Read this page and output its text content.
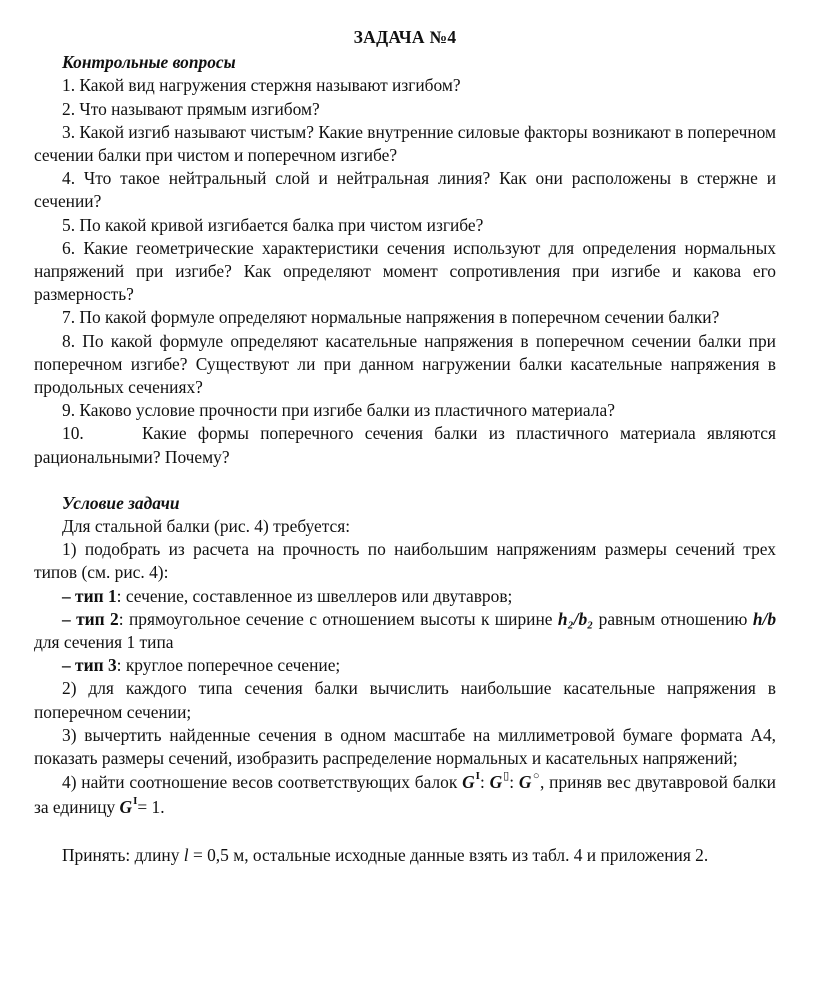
ЗАДАЧА №4
Контрольные вопросы

1. Какой вид нагружения стержня называют изгибом?

2. Что называют прямым изгибом?

3. Какой изгиб называют чистым? Какие внутренние силовые факторы возникают в поперечном сечении балки при чистом и поперечном изгибе?

4. Что такое нейтральный слой и нейтральная линия? Как они расположены в стержне и сечении?

5. По какой кривой изгибается балка при чистом изгибе?

6. Какие геометрические характеристики сечения используют для определения нормальных напряжений при изгибе? Как определяют момент сопротивления при изгибе и какова его размерность?

7. По какой формуле определяют нормальные напряжения в поперечном сечении балки?

8. По какой формуле определяют касательные напряжения в поперечном сечении балки при поперечном изгибе? Существуют ли при данном нагружении балки касательные напряжения в продольных сечениях?

9. Каково условие прочности при изгибе балки из пластичного материала?

10.	Какие формы поперечного сечения балки из пластичного материала являются рациональными? Почему?

Условие задачи

Для стальной балки (рис. 4) требуется:

1) подобрать из расчета на прочность по наибольшим напряжениям размеры сечений трех типов (см. рис. 4):

– тип 1: сечение, составленное из швеллеров или двутавров;

– тип 2: прямоугольное сечение с отношением высоты к ширине h₂/b₂ равным отношению h/b для сечения 1 типа

– тип 3: круглое поперечное сечение;

2) для каждого типа сечения балки вычислить наибольшие касательные напряжения в поперечном сечении;

3) вычертить найденные сечения в одном масштабе на миллиметровой бумаге формата А4, показать размеры сечений, изобразить распределение нормальных и касательных напряжений;

4) найти соотношение весов соответствующих балок $G^I$: G▯: G○, приняв вес двутавровой балки за единицу $G^I= 1$.

Принять: длину l = 0,5 м, остальные исходные данные взять из табл. 4 и приложения 2.
